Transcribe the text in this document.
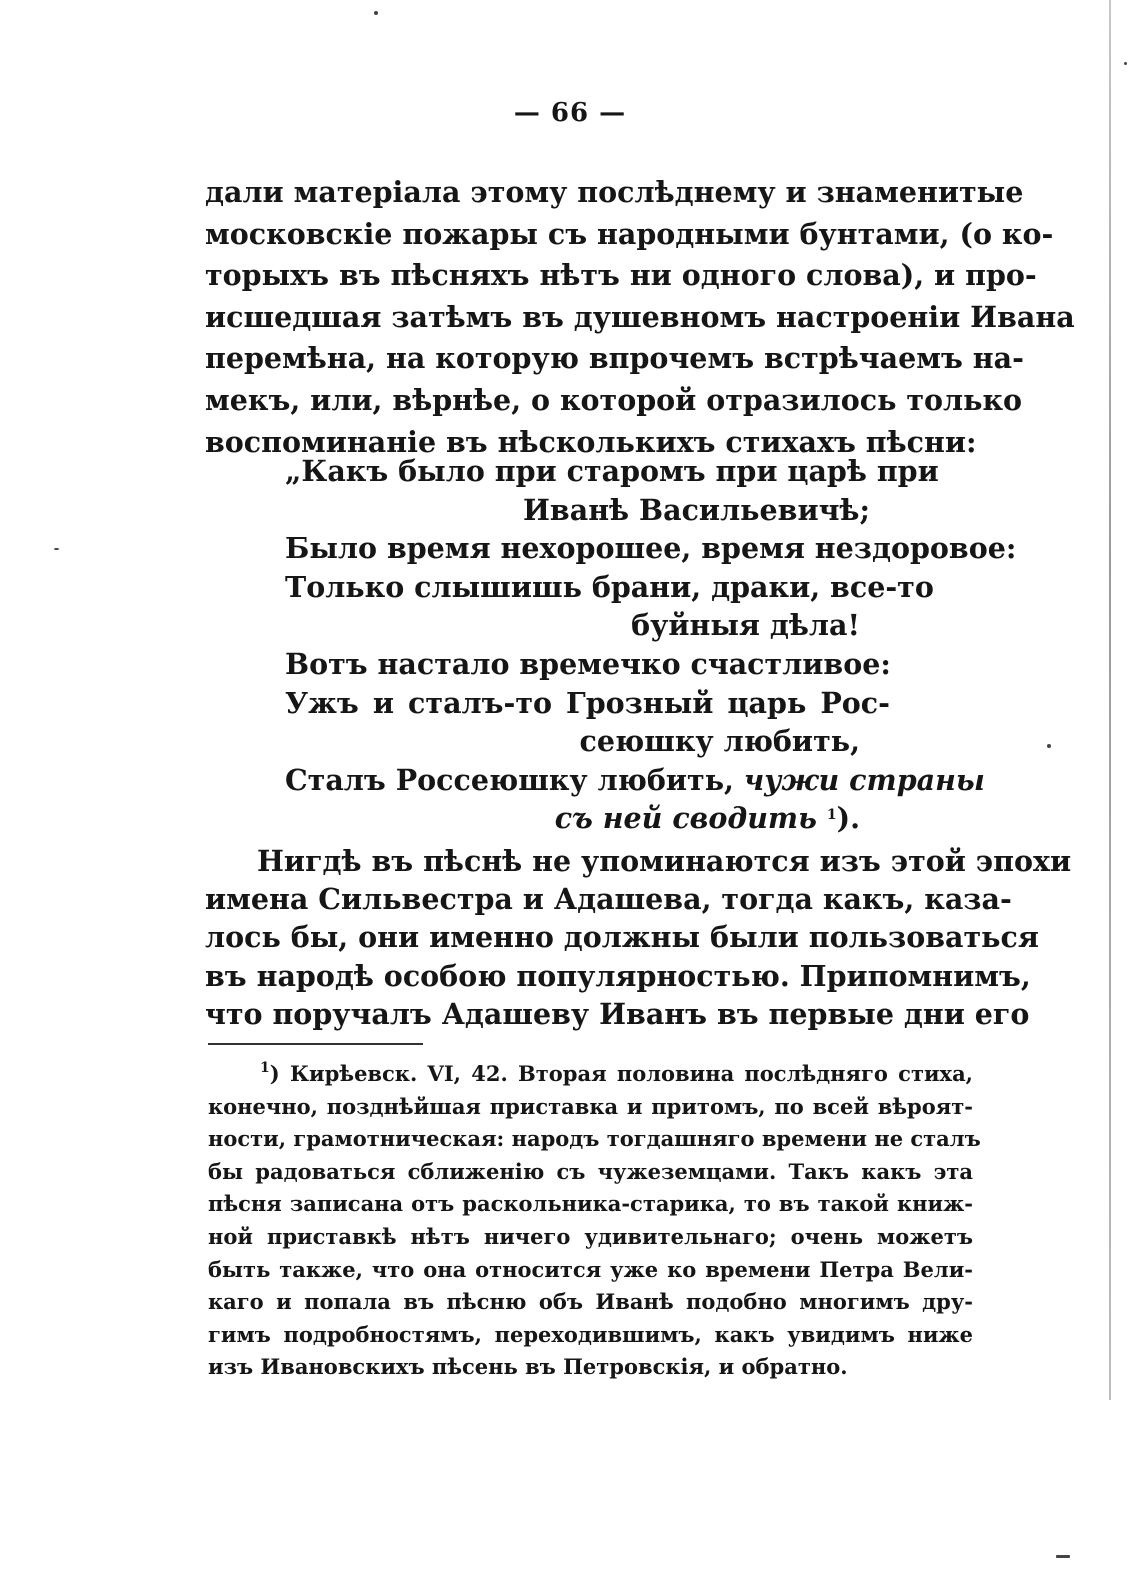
— 66 —
дали матеріала этому послѣднему и знаменитые
московскіе пожары съ народными бунтами, (о ко-
торыхъ въ пѣсняхъ нѣтъ ни одного слова), и про-
исшедшая затѣмъ въ душевномъ настроеніи Ивана
перемѣна, на которую впрочемъ встрѣчаемъ на-
мекъ, или, вѣрнѣе, о которой отразилось только
воспоминаніе въ нѣсколькихъ стихахъ пѣсни:
„Какъ было при старомъ при царѣ при
Иванѣ Васильевичѣ;
Было время нехорошее, время нездоровое:
Только слышишь брани, драки, все-то
буйныя дѣла!
Вотъ настало времечко счастливое:
Ужъ и сталъ-то Грозный царь Рос-
сеюшку любить,
Сталъ Россеюшку любить, чужи страны
съ ней сводить $^1$).
Нигдѣ въ пѣснѣ не упоминаются изъ этой эпохи
имена Сильвестра и Адашева, тогда какъ, каза-
лось бы, они именно должны были пользоваться
въ народѣ особою популярностью. Припомнимъ,
что поручалъ Адашеву Иванъ въ первые дни его
$^1$) Кирѣевск. VI, 42. Вторая половина послѣдняго стиха,
конечно, позднѣйшая приставка и притомъ, по всей вѣроят-
ности, грамотническая: народъ тогдашняго времени не сталъ
бы радоваться сближенію съ чужеземцами. Такъ какъ эта
пѣсня записана отъ раскольника-старика, то въ такой книж-
ной приставкѣ нѣтъ ничего удивительнаго; очень можетъ
быть также, что она относится уже ко времени Петра Вели-
каго и попала въ пѣсню объ Иванѣ подобно многимъ дру-
гимъ подробностямъ, переходившимъ, какъ увидимъ ниже
изъ Ивановскихъ пѣсень въ Петровскія, и обратно.
